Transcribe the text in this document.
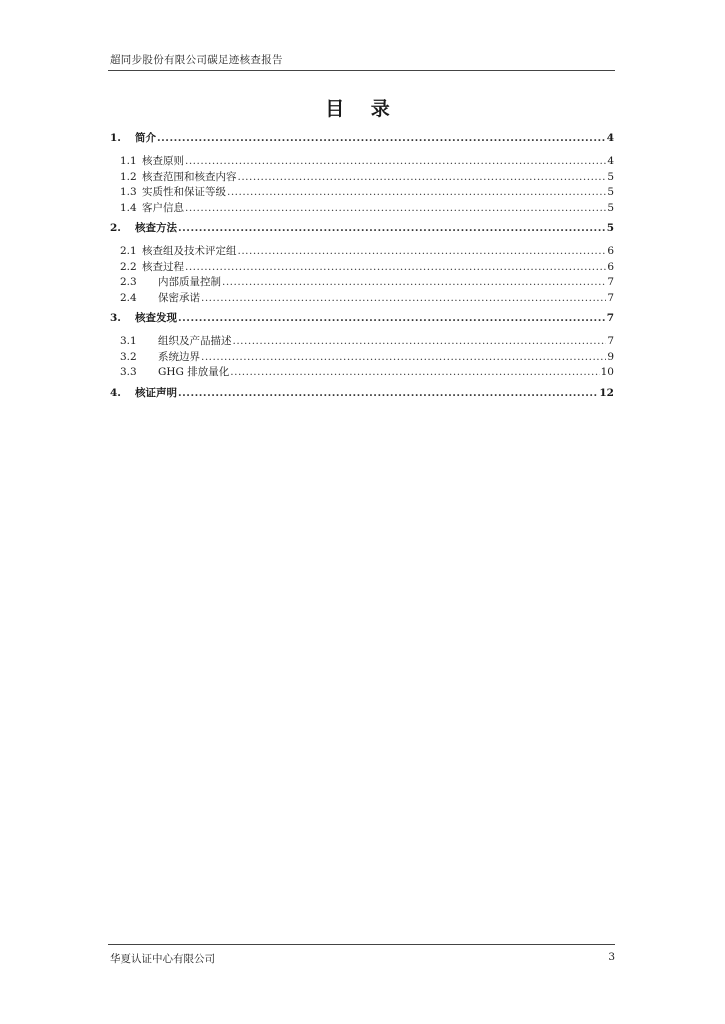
超同步股份有限公司碳足迹核查报告
目 录
1.	简介 .....	4
1.1 核查原则 .....	4
1.2 核查范围和核查内容 .....	5
1.3 实质性和保证等级 .....	5
1.4 客户信息 .....	5
2.	核查方法 .....	5
2.1 核查组及技术评定组 .....	6
2.2 核查过程 .....	6
2.3	内部质量控制 .....	7
2.4	保密承诺 .....	7
3.	核查发现 .....	7
3.1	组织及产品描述 .....	7
3.2	系统边界 .....	9
3.3	GHG 排放量化 .....	10
4.	核证声明 .....	12
华夏认证中心有限公司	3
